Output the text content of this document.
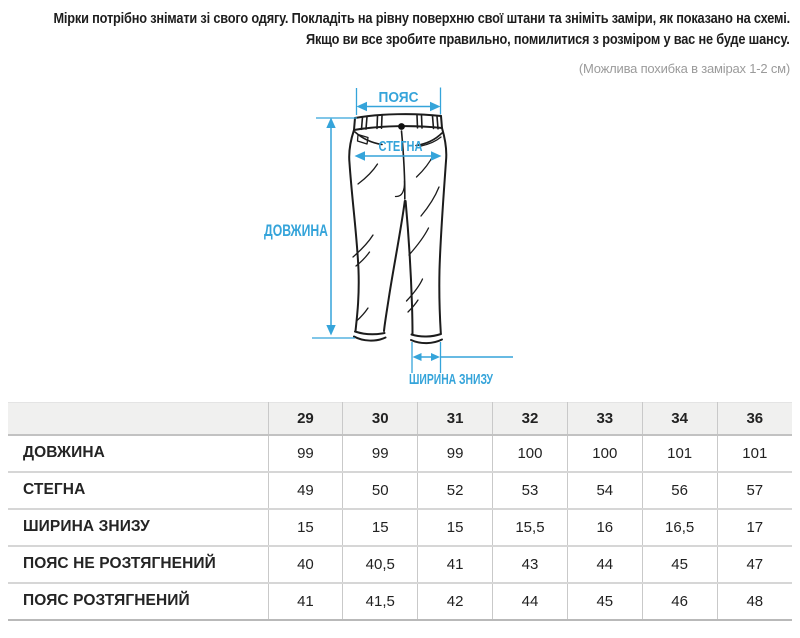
Мірки потрібно знімати зі свого одягу. Покладіть на рівну поверхню свої штани та зніміть заміри, як показано на схемі.
Якщо ви все зробите правильно, помилитися з розміром у вас не буде шансу.
(Можлива похибка в замірах 1-2 см)
ПОЯС
СТЕГНА
ДОВЖИНА
ШИРИНА ЗНИЗУ
	29	30	31	32	33	34	36
ДОВЖИНА	99	99	99	100	100	101	101
СТЕГНА	49	50	52	53	54	56	57
ШИРИНА ЗНИЗУ	15	15	15	15,5	16	16,5	17
ПОЯС НЕ РОЗТЯГНЕНИЙ	40	40,5	41	43	44	45	47
ПОЯС РОЗТЯГНЕНИЙ	41	41,5	42	44	45	46	48
